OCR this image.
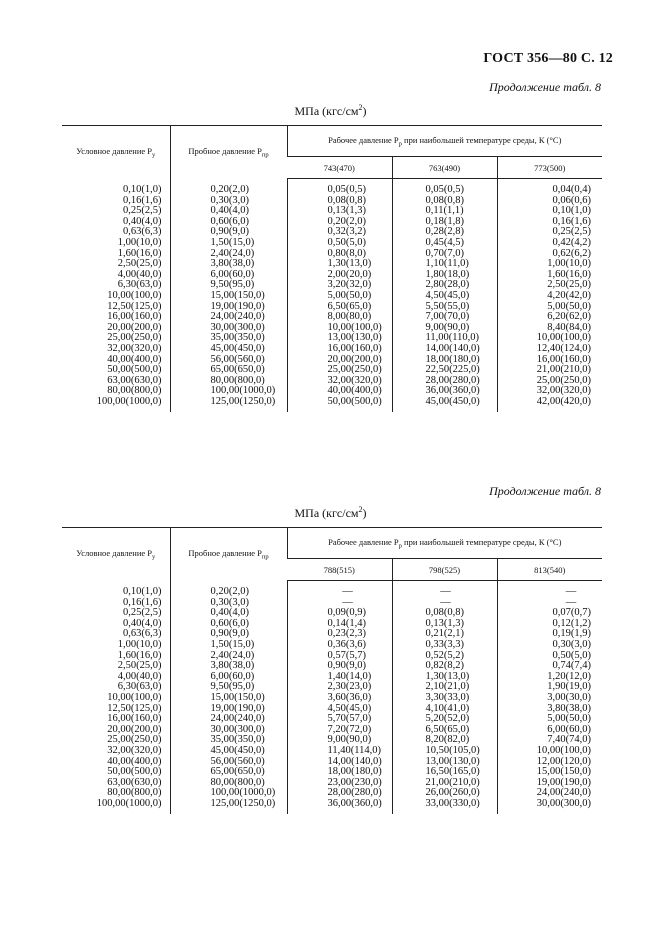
ГОСТ 356—80 С. 12
Продолжение табл. 8
МПа $(кгс/см^2)$
Условное давление $P_у$	Пробное давление $P_{пр}$	Рабочее давление $P_р$ при наибольшей температуре среды, К (°С)		
		743(470)	763(490)	773(500)
0,10(1,0)	0,20(2,0)	0,05(0,5)	0,05(0,5)	0,04(0,4)
0,16(1,6)	0,30(3,0)	0,08(0,8)	0,08(0,8)	0,06(0,6)
0,25(2,5)	0,40(4,0)	0,13(1,3)	0,11(1,1)	0,10(1,0)
0,40(4,0)	0,60(6,0)	0,20(2,0)	0,18(1,8)	0,16(1,6)
0,63(6,3)	0,90(9,0)	0,32(3,2)	0,28(2,8)	0,25(2,5)
1,00(10,0)	1,50(15,0)	0,50(5,0)	0,45(4,5)	0,42(4,2)
1,60(16,0)	2,40(24,0)	0,80(8,0)	0,70(7,0)	0,62(6,2)
2,50(25,0)	3,80(38,0)	1,30(13,0)	1,10(11,0)	1,00(10,0)
4,00(40,0)	6,00(60,0)	2,00(20,0)	1,80(18,0)	1,60(16,0)
6,30(63,0)	9,50(95,0)	3,20(32,0)	2,80(28,0)	2,50(25,0)
10,00(100,0)	15,00(150,0)	5,00(50,0)	4,50(45,0)	4,20(42,0)
12,50(125,0)	19,00(190,0)	6,50(65,0)	5,50(55,0)	5,00(50,0)
16,00(160,0)	24,00(240,0)	8,00(80,0)	7,00(70,0)	6,20(62,0)
20,00(200,0)	30,00(300,0)	10,00(100,0)	9,00(90,0)	8,40(84,0)
25,00(250,0)	35,00(350,0)	13,00(130,0)	11,00(110,0)	10,00(100,0)
32,00(320,0)	45,00(450,0)	16,00(160,0)	14,00(140,0)	12,40(124,0)
40,00(400,0)	56,00(560,0)	20,00(200,0)	18,00(180,0)	16,00(160,0)
50,00(500,0)	65,00(650,0)	25,00(250,0)	22,50(225,0)	21,00(210,0)
63,00(630,0)	80,00(800,0)	32,00(320,0)	28,00(280,0)	25,00(250,0)
80,00(800,0)	100,00(1000,0)	40,00(400,0)	36,00(360,0)	32,00(320,0)
100,00(1000,0)	125,00(1250,0)	50,00(500,0)	45,00(450,0)	42,00(420,0)
Продолжение табл. 8
МПа $(кгс/см^2)$
Условное давление $P_у$	Пробное давление $P_{пр}$	Рабочее давление $P_р$ при наибольшей температуре среды, К (°С)		
		788(515)	798(525)	813(540)
0,10(1,0)	0,20(2,0)	—	—	—
0,16(1,6)	0,30(3,0)	—	—	—
0,25(2,5)	0,40(4,0)	0,09(0,9)	0,08(0,8)	0,07(0,7)
0,40(4,0)	0,60(6,0)	0,14(1,4)	0,13(1,3)	0,12(1,2)
0,63(6,3)	0,90(9,0)	0,23(2,3)	0,21(2,1)	0,19(1,9)
1,00(10,0)	1,50(15,0)	0,36(3,6)	0,33(3,3)	0,30(3,0)
1,60(16,0)	2,40(24,0)	0,57(5,7)	0,52(5,2)	0,50(5,0)
2,50(25,0)	3,80(38,0)	0,90(9,0)	0,82(8,2)	0,74(7,4)
4,00(40,0)	6,00(60,0)	1,40(14,0)	1,30(13,0)	1,20(12,0)
6,30(63,0)	9,50(95,0)	2,30(23,0)	2,10(21,0)	1,90(19,0)
10,00(100,0)	15,00(150,0)	3,60(36,0)	3,30(33,0)	3,00(30,0)
12,50(125,0)	19,00(190,0)	4,50(45,0)	4,10(41,0)	3,80(38,0)
16,00(160,0)	24,00(240,0)	5,70(57,0)	5,20(52,0)	5,00(50,0)
20,00(200,0)	30,00(300,0)	7,20(72,0)	6,50(65,0)	6,00(60,0)
25,00(250,0)	35,00(350,0)	9,00(90,0)	8,20(82,0)	7,40(74,0)
32,00(320,0)	45,00(450,0)	11,40(114,0)	10,50(105,0)	10,00(100,0)
40,00(400,0)	56,00(560,0)	14,00(140,0)	13,00(130,0)	12,00(120,0)
50,00(500,0)	65,00(650,0)	18,00(180,0)	16,50(165,0)	15,00(150,0)
63,00(630,0)	80,00(800,0)	23,00(230,0)	21,00(210,0)	19,00(190,0)
80,00(800,0)	100,00(1000,0)	28,00(280,0)	26,00(260,0)	24,00(240,0)
100,00(1000,0)	125,00(1250,0)	36,00(360,0)	33,00(330,0)	30,00(300,0)
